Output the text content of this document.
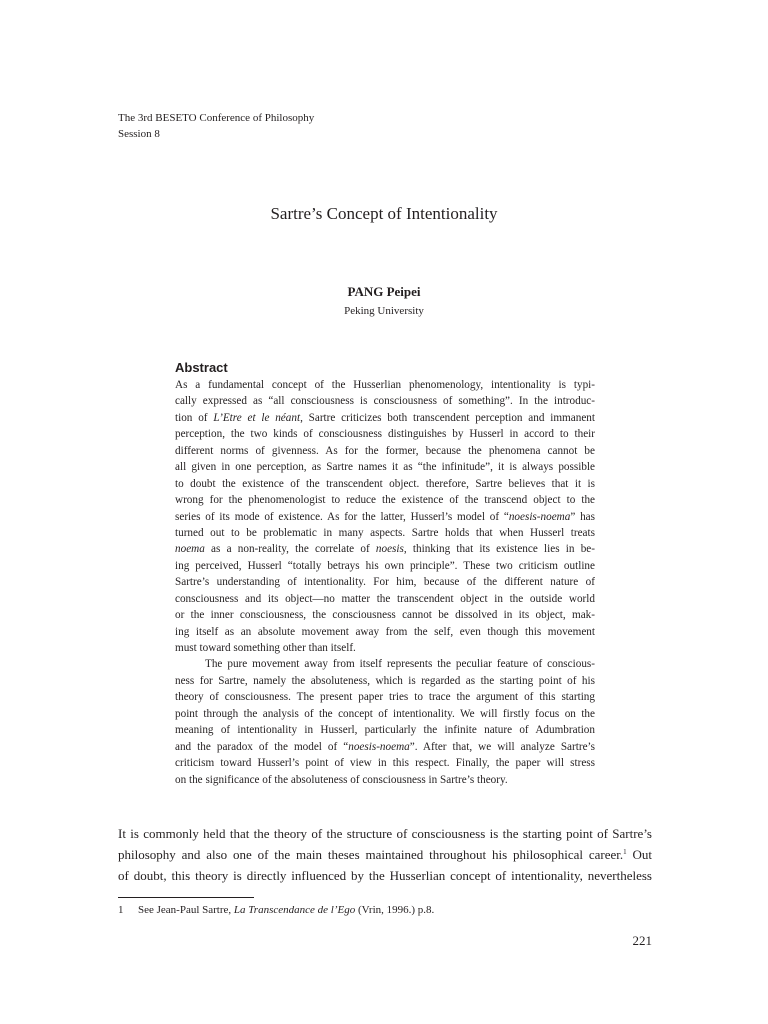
The 3rd BESETO Conference of Philosophy
Session 8
Sartre’s Concept of Intentionality
PANG Peipei
Peking University
Abstract
As a fundamental concept of the Husserlian phenomenology, intentionality is typi-
cally expressed as “all consciousness is consciousness of something”. In the introduc-
tion of L’Etre et le néant, Sartre criticizes both transcendent perception and immanent
perception, the two kinds of consciousness distinguishes by Husserl in accord to their
different norms of givenness. As for the former, because the phenomena cannot be
all given in one perception, as Sartre names it as “the infinitude”, it is always possible
to doubt the existence of the transcendent object. therefore, Sartre believes that it is
wrong for the phenomenologist to reduce the existence of the transcend object to the
series of its mode of existence. As for the latter, Husserl’s model of “noesis-noema” has
turned out to be problematic in many aspects. Sartre holds that when Husserl treats
noema as a non-reality, the correlate of noesis, thinking that its existence lies in be-
ing perceived, Husserl “totally betrays his own principle”. These two criticism outline
Sartre’s understanding of intentionality. For him, because of the different nature of
consciousness and its object—no matter the transcendent object in the outside world
or the inner consciousness, the consciousness cannot be dissolved in its object, mak-
ing itself as an absolute movement away from the self, even though this movement
must toward something other than itself.
The pure movement away from itself represents the peculiar feature of conscious-
ness for Sartre, namely the absoluteness, which is regarded as the starting point of his
theory of consciousness. The present paper tries to trace the argument of this starting
point through the analysis of the concept of intentionality. We will firstly focus on the
meaning of intentionality in Husserl, particularly the infinite nature of Adumbration
and the paradox of the model of “noesis-noema”. After that, we will analyze Sartre’s
criticism toward Husserl’s point of view in this respect. Finally, the paper will stress
on the significance of the absoluteness of consciousness in Sartre’s theory.
It is commonly held that the theory of the structure of consciousness is the starting point of Sartre’s
philosophy and also one of the main theses maintained throughout his philosophical career.$^1$ Out
of doubt, this theory is directly influenced by the Husserlian concept of intentionality, nevertheless
1 See Jean-Paul Sartre, La Transcendance de l’Ego (Vrin, 1996.) p.8.
221
